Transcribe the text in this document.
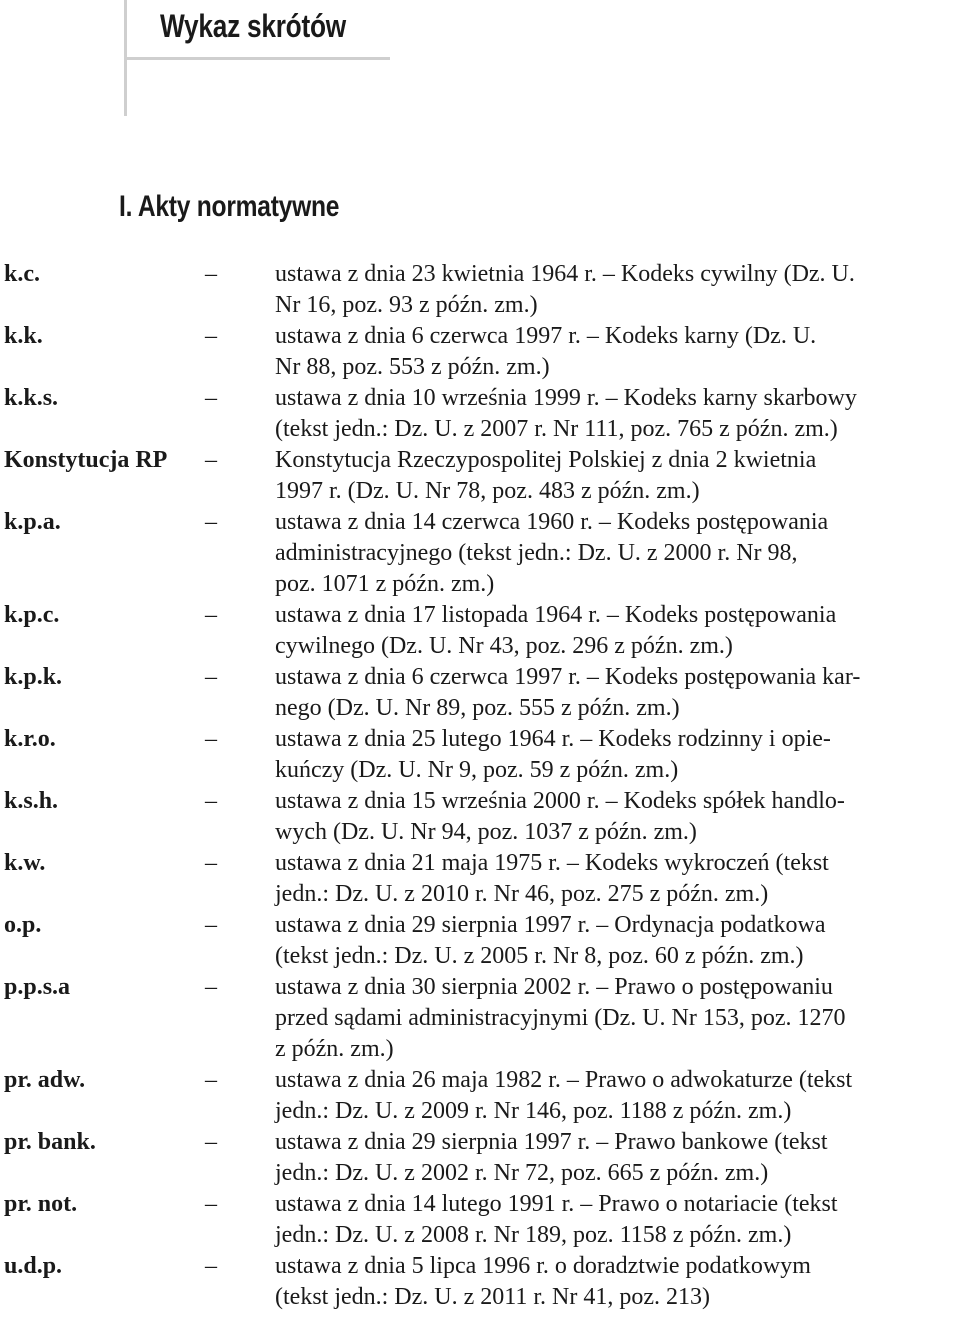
Wykaz skrótów
I. Akty normatywne
k.c.	– ustawa z dnia 23 kwietnia 1964 r. – Kodeks cywilny (Dz. U.
Nr 16, poz. 93 z późn. zm.)
k.k.	– ustawa z dnia 6 czerwca 1997 r. – Kodeks karny (Dz. U.
Nr 88, poz. 553 z późn. zm.)
k.k.s.	– ustawa z dnia 10 września 1999 r. – Kodeks karny skarbowy
(tekst jedn.: Dz. U. z 2007 r. Nr 111, poz. 765 z późn. zm.)
Konstytucja RP – Konstytucja Rzeczypospolitej Polskiej z dnia 2 kwietnia
1997 r. (Dz. U. Nr 78, poz. 483 z późn. zm.)
k.p.a.	– ustawa z dnia 14 czerwca 1960 r. – Kodeks postępowania
administracyjnego (tekst jedn.: Dz. U. z 2000 r. Nr 98,
poz. 1071 z późn. zm.)
k.p.c.	– ustawa z dnia 17 listopada 1964 r. – Kodeks postępowania
cywilnego (Dz. U. Nr 43, poz. 296 z późn. zm.)
k.p.k.	– ustawa z dnia 6 czerwca 1997 r. – Kodeks postępowania kar-
nego (Dz. U. Nr 89, poz. 555 z późn. zm.)
k.r.o.	– ustawa z dnia 25 lutego 1964 r. – Kodeks rodzinny i opie-
kuńczy (Dz. U. Nr 9, poz. 59 z późn. zm.)
k.s.h.	– ustawa z dnia 15 września 2000 r. – Kodeks spółek handlo-
wych (Dz. U. Nr 94, poz. 1037 z późn. zm.)
k.w.	– ustawa z dnia 21 maja 1975 r. – Kodeks wykroczeń (tekst
jedn.: Dz. U. z 2010 r. Nr 46, poz. 275 z późn. zm.)
o.p.	– ustawa z dnia 29 sierpnia 1997 r. – Ordynacja podatkowa
(tekst jedn.: Dz. U. z 2005 r. Nr 8, poz. 60 z późn. zm.)
p.p.s.a	– ustawa z dnia 30 sierpnia 2002 r. – Prawo o postępowaniu
przed sądami administracyjnymi (Dz. U. Nr 153, poz. 1270
z późn. zm.)
pr. adw.	– ustawa z dnia 26 maja 1982 r. – Prawo o adwokaturze (tekst
jedn.: Dz. U. z 2009 r. Nr 146, poz. 1188 z późn. zm.)
pr. bank.	– ustawa z dnia 29 sierpnia 1997 r. – Prawo bankowe (tekst
jedn.: Dz. U. z 2002 r. Nr 72, poz. 665 z późn. zm.)
pr. not.	– ustawa z dnia 14 lutego 1991 r. – Prawo o notariacie (tekst
jedn.: Dz. U. z 2008 r. Nr 189, poz. 1158 z późn. zm.)
u.d.p.	– ustawa z dnia 5 lipca 1996 r. o doradztwie podatkowym
(tekst jedn.: Dz. U. z 2011 r. Nr 41, poz. 213)
